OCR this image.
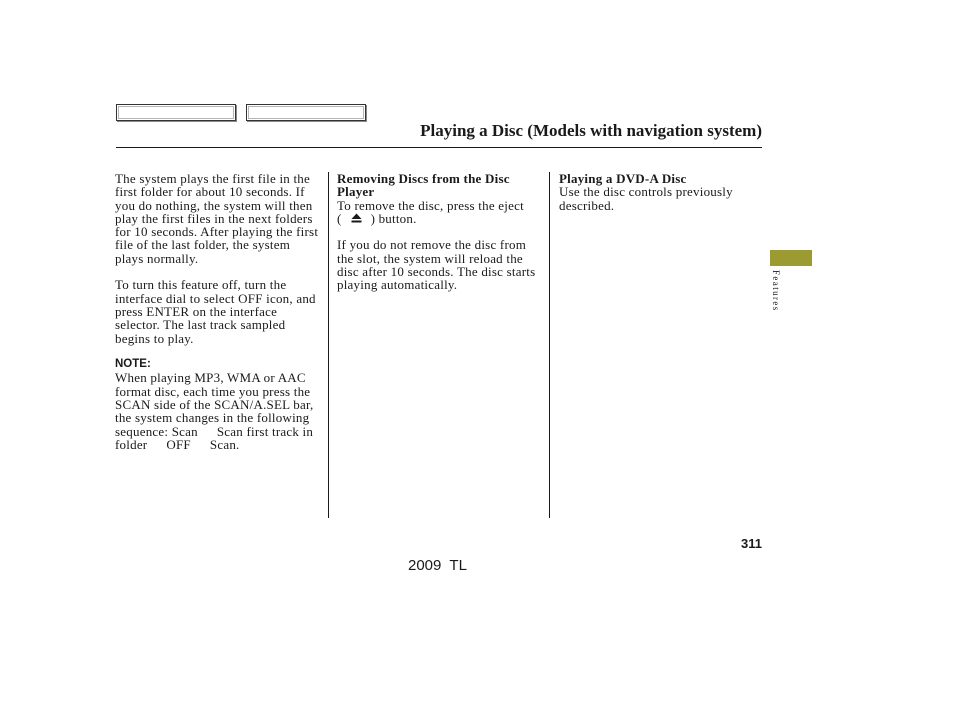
Playing a Disc (Models with navigation system)
The system plays the first file in the
first folder for about 10 seconds. If
you do nothing, the system will then
play the first files in the next folders
for 10 seconds. After playing the first
file of the last folder, the system
plays normally.
To turn this feature off, turn the
interface dial to select OFF icon, and
press ENTER on the interface
selector. The last track sampled
begins to play.
NOTE:
When playing MP3, WMA or AAC
format disc, each time you press the
SCAN side of the SCAN/A.SEL bar,
the system changes in the following
sequence: Scan Scan first track in
folder OFF Scan.
Removing Discs from the Disc
Player
To remove the disc, press the eject
( ) button.
If you do not remove the disc from
the slot, the system will reload the
disc after 10 seconds. The disc starts
playing automatically.
Playing a DVD-A Disc
Use the disc controls previously
described.
Features
311
2009  TL
